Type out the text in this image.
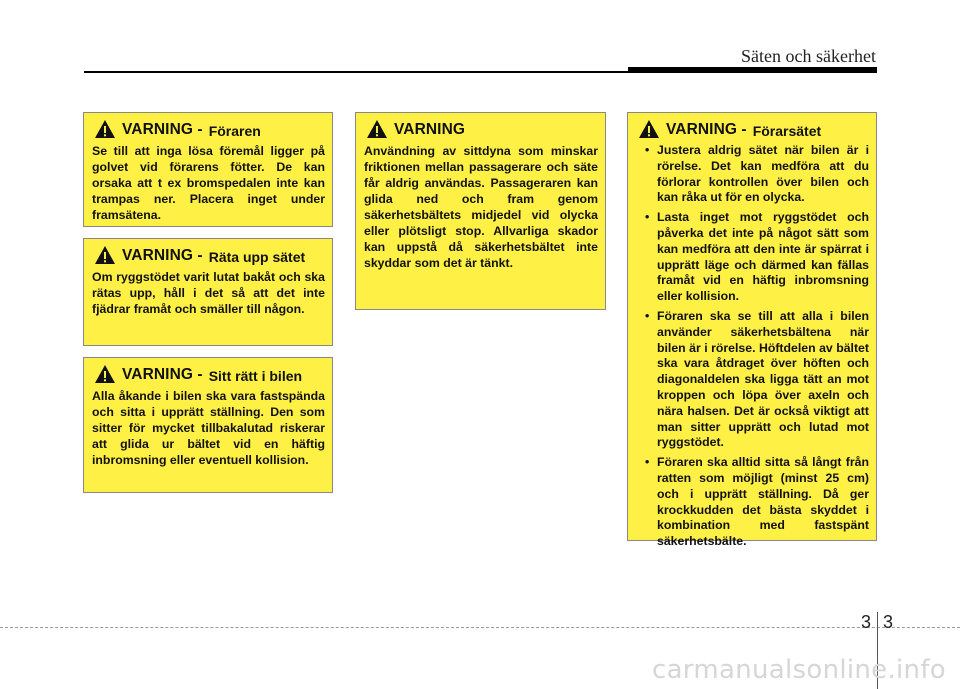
Säten och säkerhet
VARNING - Föraren
Se till att inga lösa föremål ligger på golvet vid förarens fötter. De kan orsaka att t ex bromspedalen inte kan trampas ner. Placera inget under framsätena.
VARNING - Räta upp sätet
Om ryggstödet varit lutat bakåt och ska rätas upp, håll i det så att det inte fjädrar framåt och smäller till någon.
VARNING - Sitt rätt i bilen
Alla åkande i bilen ska vara fastspända och sitta i upprätt ställning. Den som sitter för mycket tillbakalutad riskerar att glida ur bältet vid en häftig inbromsning eller eventuell kollision.
VARNING
Användning av sittdyna som minskar friktionen mellan passagerare och säte får aldrig användas. Passageraren kan glida ned och fram genom säkerhetsbältets midjedel vid olycka eller plötsligt stop. Allvarliga skador kan uppstå då säkerhetsbältet inte skyddar som det är tänkt.
VARNING - Förarsätet
• Justera aldrig sätet när bilen är i rörelse. Det kan medföra att du förlorar kontrollen över bilen och kan råka ut för en olycka.
• Lasta inget mot ryggstödet och påverka det inte på något sätt som kan medföra att den inte är spärrat i upprätt läge och därmed kan fällas framåt vid en häftig inbromsning eller kollision.
• Föraren ska se till att alla i bilen använder säkerhetsbältena när bilen är i rörelse. Höftdelen av bältet ska vara åtdraget över höften och diagonaldelen ska ligga tätt an mot kroppen och löpa över axeln och nära halsen. Det är också viktigt att man sitter upprätt och lutad mot ryggstödet.
• Föraren ska alltid sitta så långt från ratten som möjligt (minst 25 cm) och i upprätt ställning. Då ger krockkudden det bästa skyddet i kombination med fastspänt säkerhetsbälte.
3 3
carmanualsonline.info
